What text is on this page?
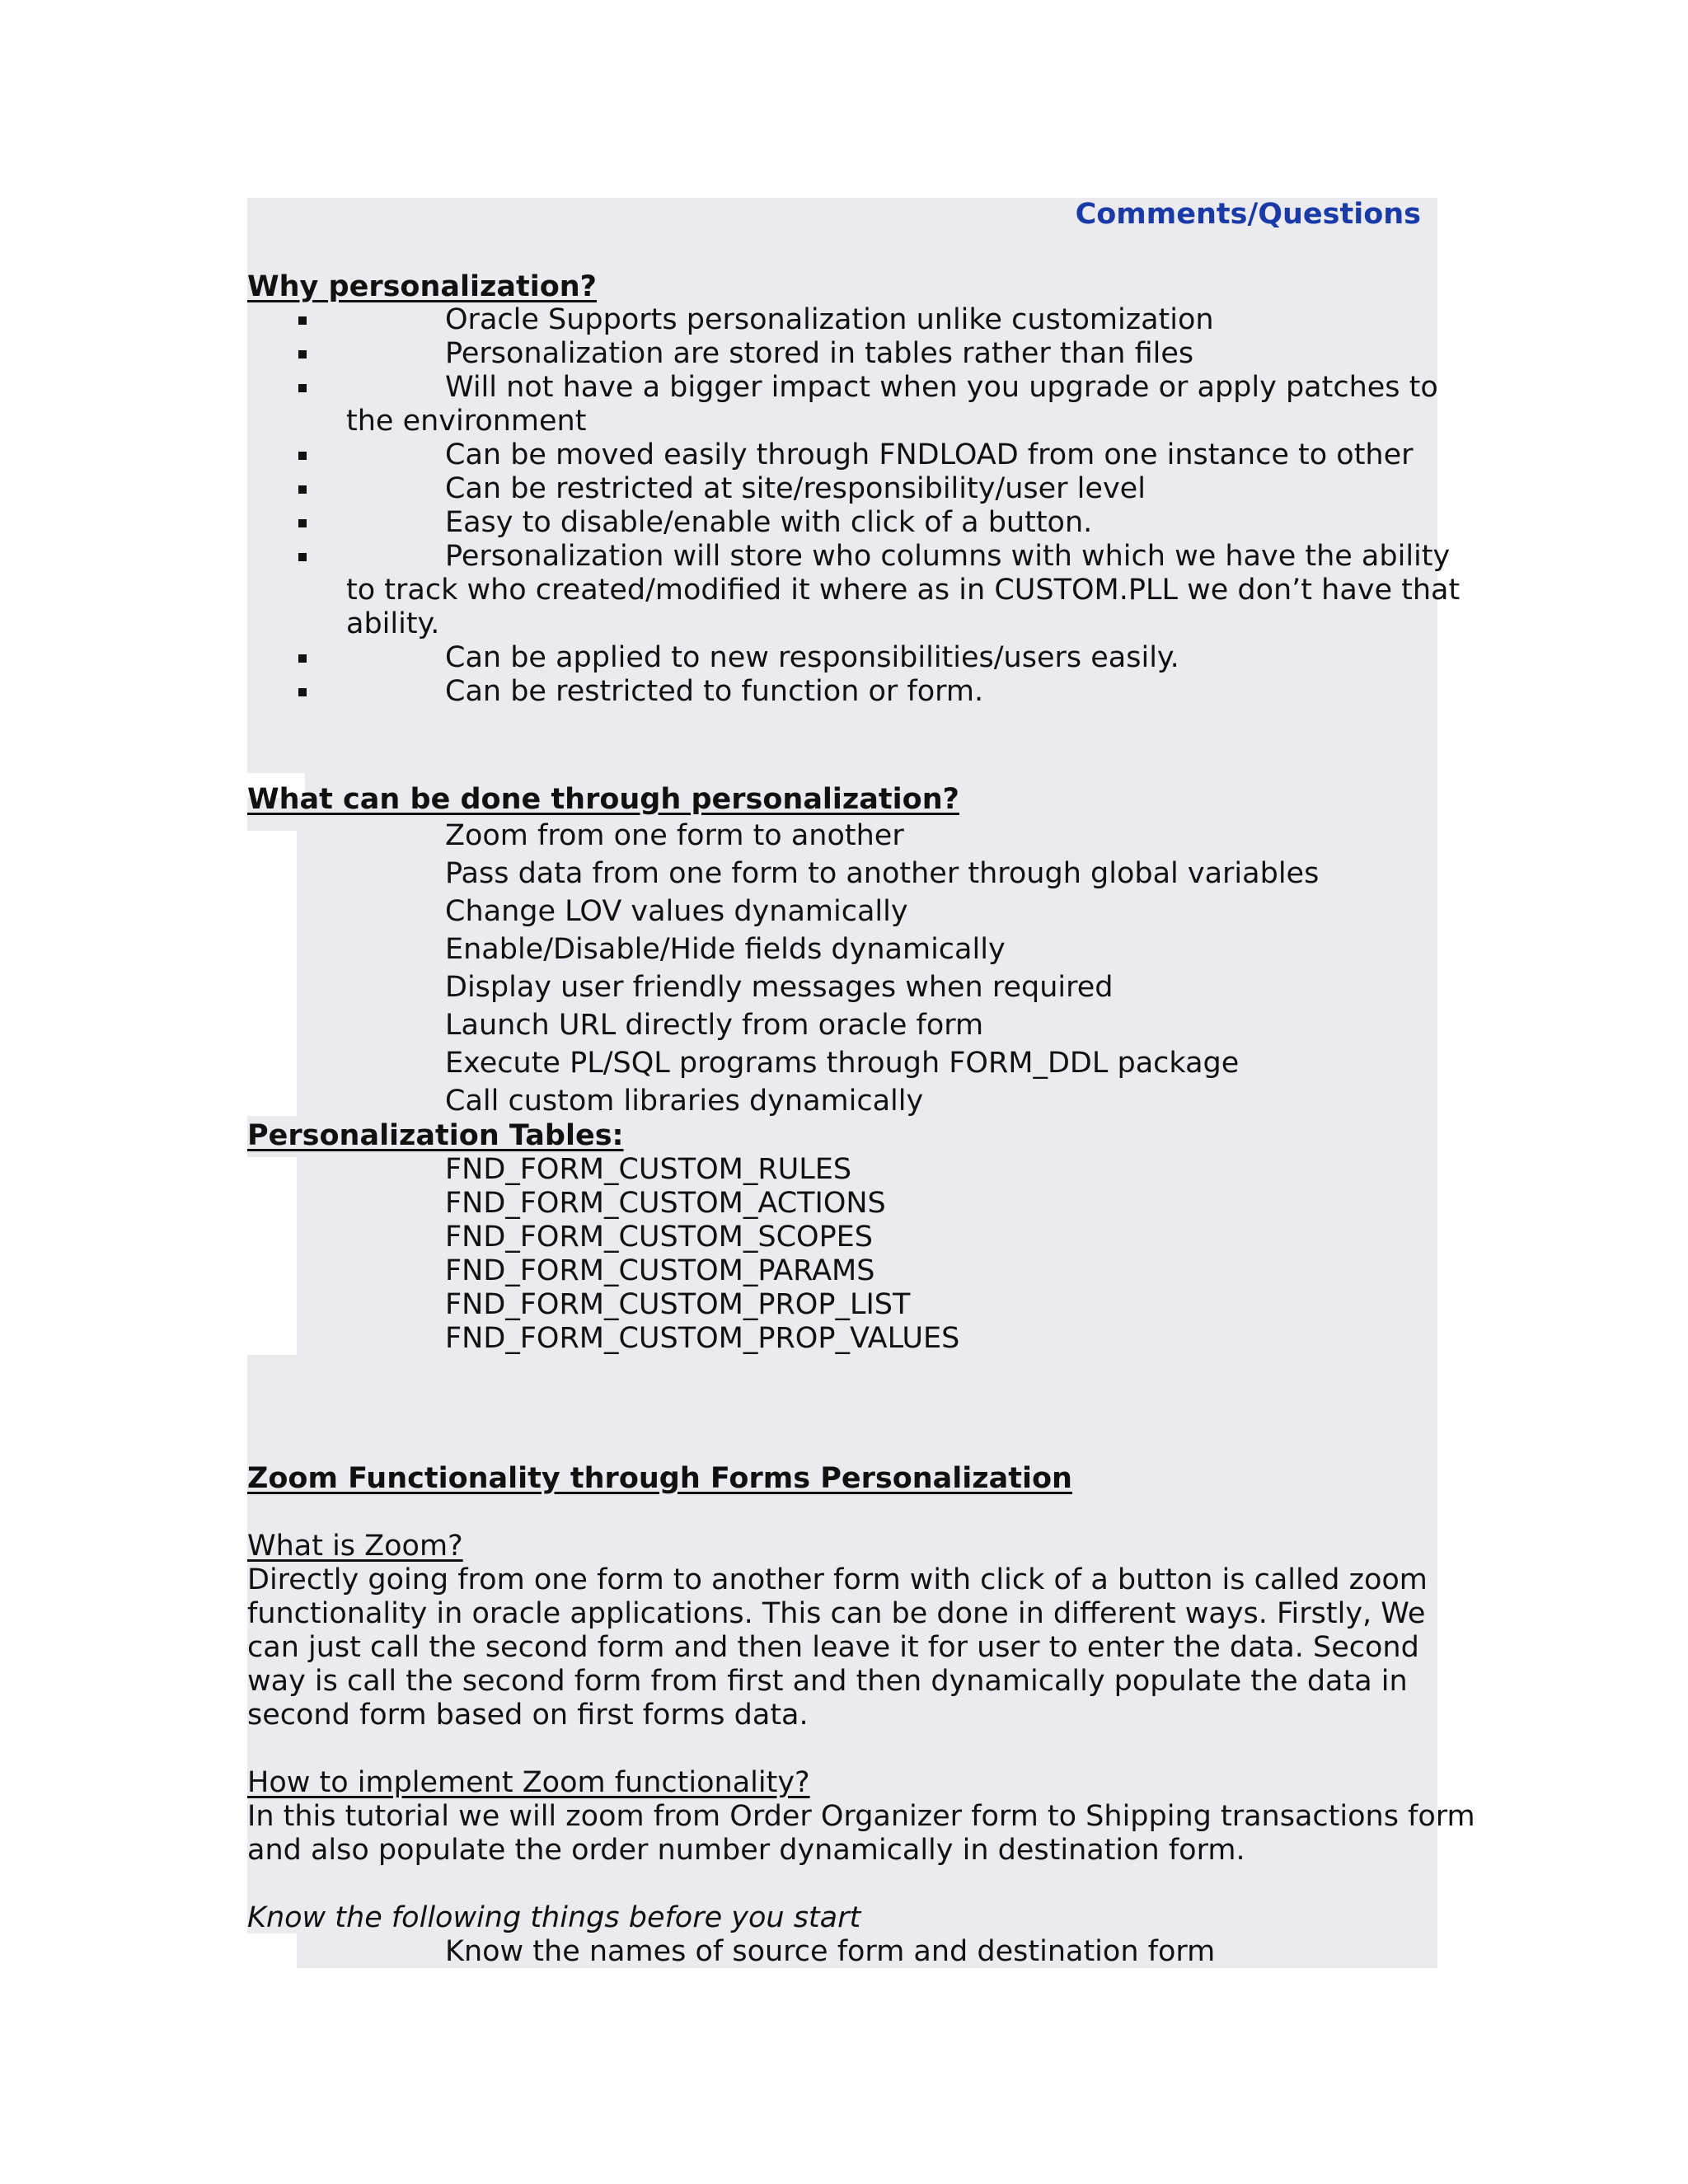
Comments/Questions
Why personalization?
Oracle Supports personalization unlike customization
Personalization are stored in tables rather than files
Will not have a bigger impact when you upgrade or apply patches to
the environment
Can be moved easily through FNDLOAD from one instance to other
Can be restricted at site/responsibility/user level
Easy to disable/enable with click of a button.
Personalization will store who columns with which we have the ability
to track who created/modified it where as in CUSTOM.PLL we don’t have that
ability.
Can be applied to new responsibilities/users easily.
Can be restricted to function or form.
What can be done through personalization?
Zoom from one form to another
Pass data from one form to another through global variables
Change LOV values dynamically
Enable/Disable/Hide fields dynamically
Display user friendly messages when required
Launch URL directly from oracle form
Execute PL/SQL programs through FORM_DDL package
Call custom libraries dynamically
Personalization Tables:
FND_FORM_CUSTOM_RULES
FND_FORM_CUSTOM_ACTIONS
FND_FORM_CUSTOM_SCOPES
FND_FORM_CUSTOM_PARAMS
FND_FORM_CUSTOM_PROP_LIST
FND_FORM_CUSTOM_PROP_VALUES
Zoom Functionality through Forms Personalization
What is Zoom?
Directly going from one form to another form with click of a button is called zoom
functionality in oracle applications. This can be done in different ways. Firstly, We
can just call the second form and then leave it for user to enter the data. Second
way is call the second form from first and then dynamically populate the data in
second form based on first forms data.
How to implement Zoom functionality?
In this tutorial we will zoom from Order Organizer form to Shipping transactions form
and also populate the order number dynamically in destination form.
Know the following things before you start
Know the names of source form and destination form
